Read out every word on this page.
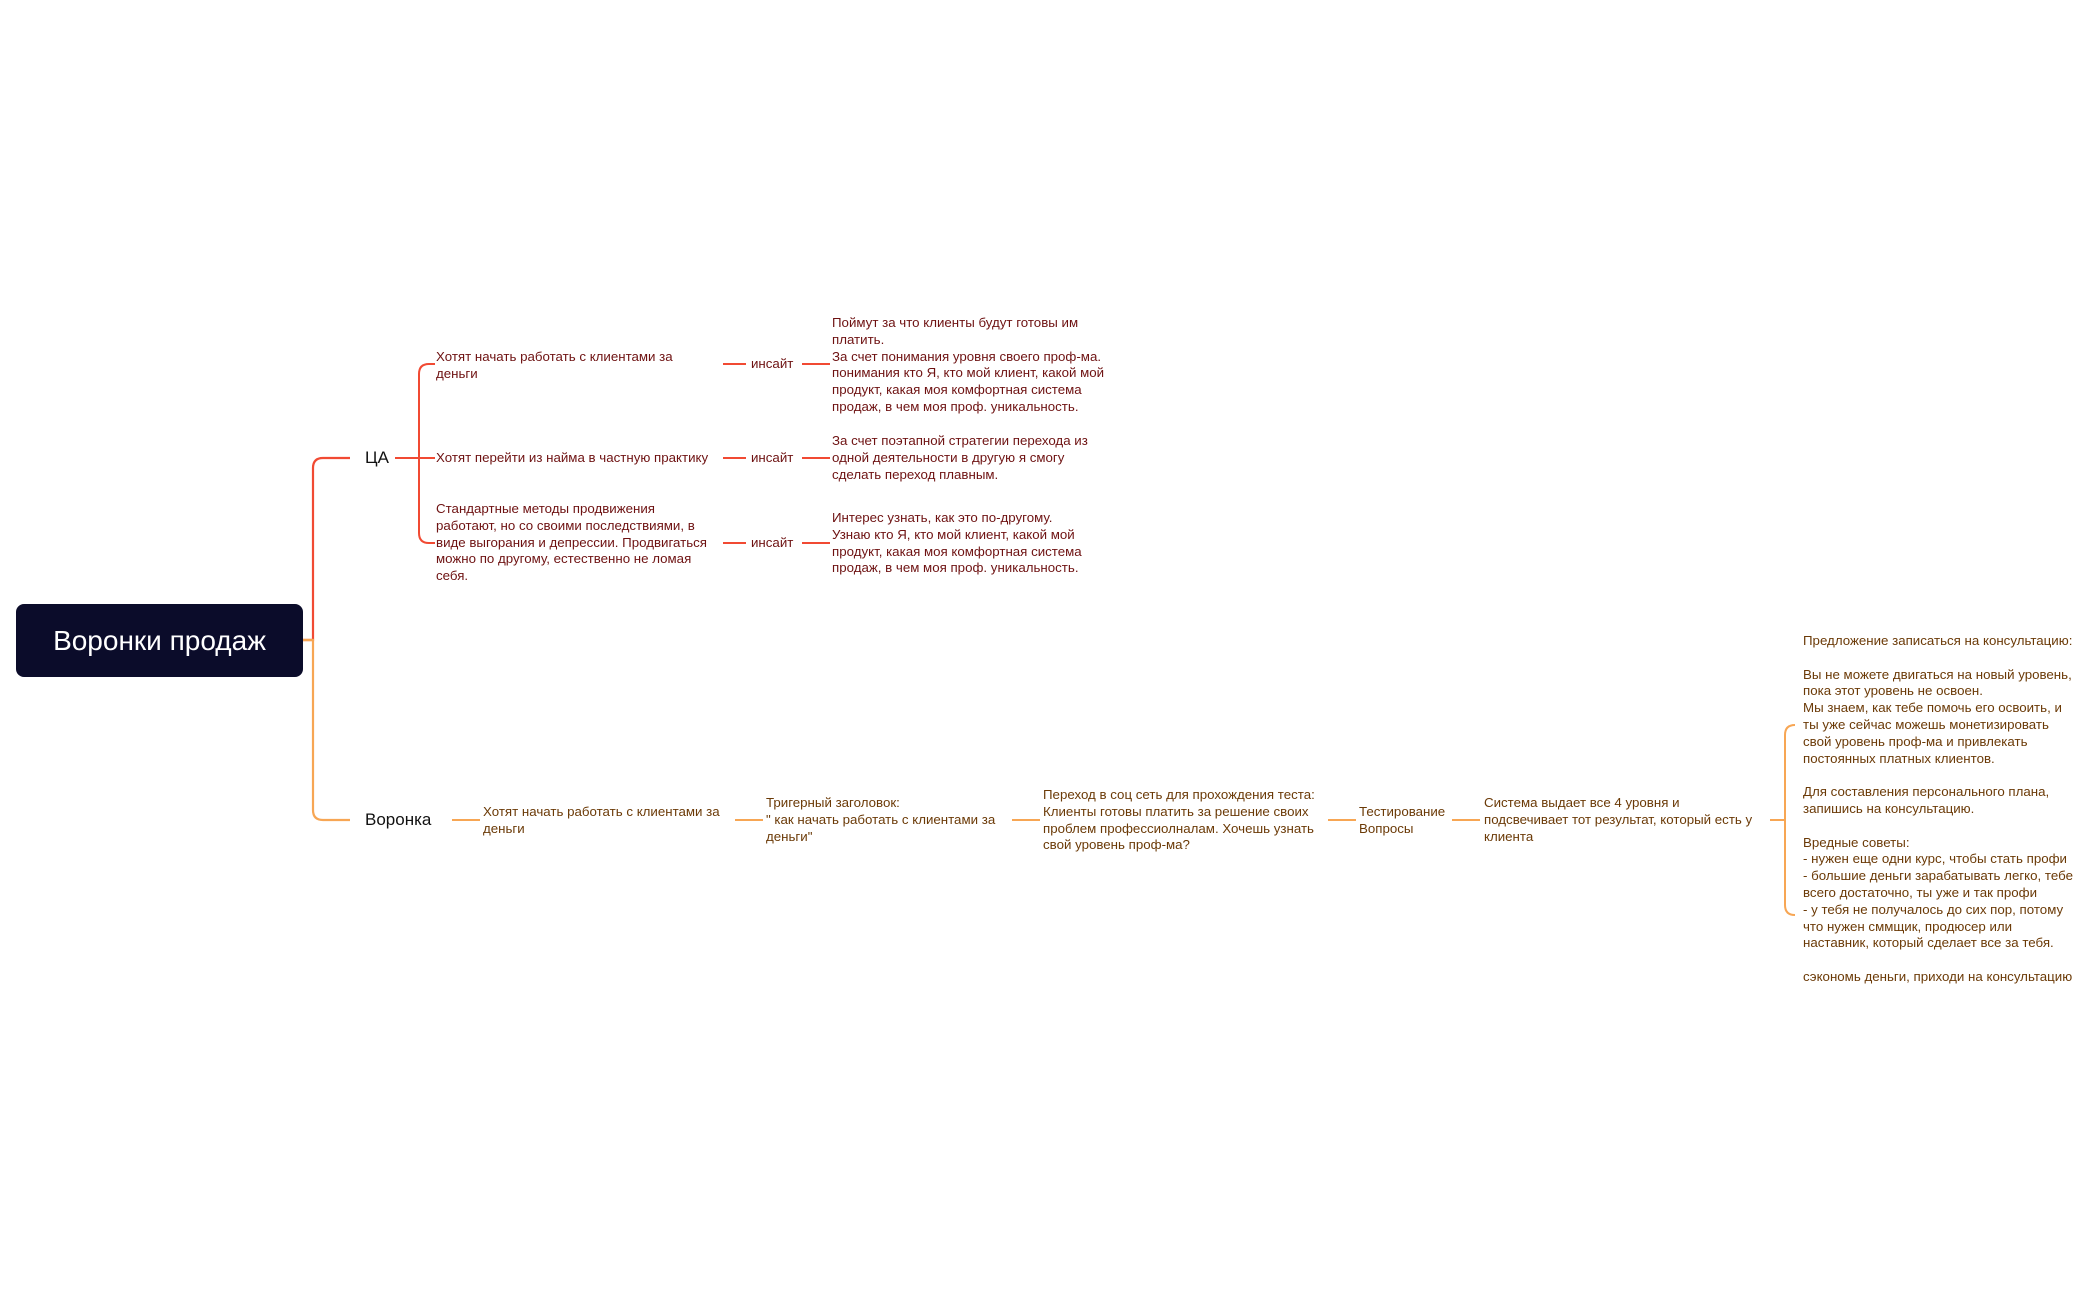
Воронки продаж
ЦА
Хотят начать работать с клиентами за
деньги
Хотят перейти из найма в частную практику
Стандартные методы продвижения
работают, но со своими последствиями, в
виде выгорания и депрессии. Продвигаться
можно по другому, естественно не ломая
себя.
инсайт
инсайт
инсайт
Поймут за что клиенты будут готовы им
платить.
За счет понимания уровня своего проф-ма.
понимания кто Я, кто мой клиент, какой мой
продукт, какая моя комфортная система
продаж, в чем моя проф. уникальность.
За счет поэтапной стратегии перехода из
одной деятельности в другую я смогу
сделать переход плавным.
Интерес узнать, как это по-другому.
Узнаю кто Я, кто мой клиент, какой мой
продукт, какая моя комфортная система
продаж, в чем моя проф. уникальность.
Воронка	Хотят начать работать с клиентами за
деньги
Тригерный заголовок:
" как начать работать с клиентами за
деньги"
Переход в соц сеть для прохождения теста:
Клиенты готовы платить за решение своих
проблем профессиолналам. Хочешь узнать
свой уровень проф-ма?
Тестирование
Вопросы
Система выдает все 4 уровня и
подсвечивает тот результат, который есть у
клиента
Предложение записаться на консультацию:

Вы не можете двигаться на новый уровень,
пока этот уровень не освоен.
Мы знаем, как тебе помочь его освоить, и
ты уже сейчас можешь монетизировать
свой уровень проф-ма и привлекать
постоянных платных клиентов.

Для составления персонального плана,
запишись на консультацию.

Вредные советы:
- нужен еще одни курс, чтобы стать профи
- большие деньги зарабатывать легко, тебе
всего достаточно, ты уже и так профи
- у тебя не получалось до сих пор, потому
что нужен сммщик, продюсер или
наставник, который сделает все за тебя.

сэкономь деньги, приходи на консультацию
